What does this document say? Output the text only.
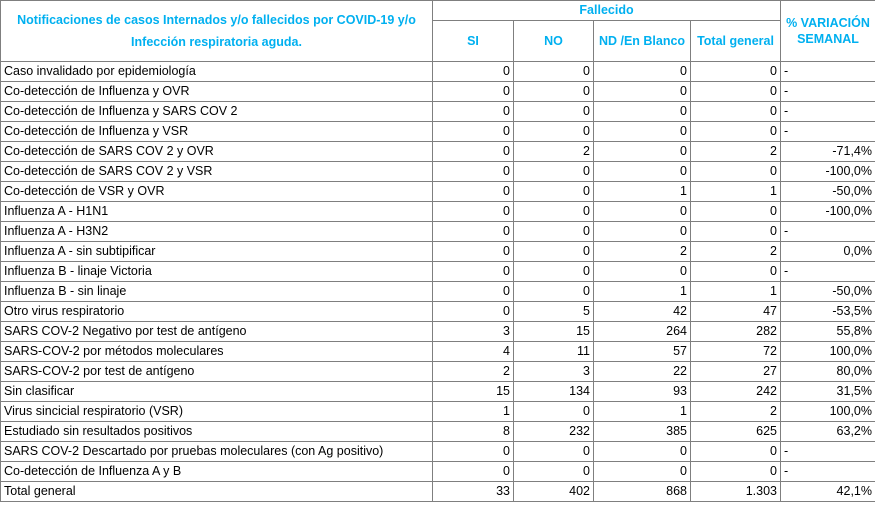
Notificaciones de casos Internados y/o fallecidos por COVID-19 y/o Infección respiratoria aguda.	Fallecido				% VARIACIÓN SEMANAL
	SI	NO	ND /En Blanco	Total general	
Caso invalidado por epidemiología	0	0	0	0	-
Co-detección de Influenza y OVR	0	0	0	0	-
Co-detección de Influenza y SARS COV 2	0	0	0	0	-
Co-detección de Influenza y VSR	0	0	0	0	-
Co-detección de SARS COV 2 y OVR	0	2	0	2	-71,4%
Co-detección de SARS COV 2 y VSR	0	0	0	0	-100,0%
Co-detección de VSR y OVR	0	0	1	1	-50,0%
Influenza A - H1N1	0	0	0	0	-100,0%
Influenza A - H3N2	0	0	0	0	-
Influenza A - sin subtipificar	0	0	2	2	0,0%
Influenza B - linaje Victoria	0	0	0	0	-
Influenza B - sin linaje	0	0	1	1	-50,0%
Otro virus respiratorio	0	5	42	47	-53,5%
SARS COV-2 Negativo por test de antígeno	3	15	264	282	55,8%
SARS-COV-2 por métodos moleculares	4	11	57	72	100,0%
SARS-COV-2 por test de antígeno	2	3	22	27	80,0%
Sin clasificar	15	134	93	242	31,5%
Virus sincicial respiratorio (VSR)	1	0	1	2	100,0%
Estudiado sin resultados positivos	8	232	385	625	63,2%
SARS COV-2 Descartado por pruebas moleculares (con Ag positivo)	0	0	0	0	-
Co-detección de Influenza A y B	0	0	0	0	-
Total general	33	402	868	1.303	42,1%
